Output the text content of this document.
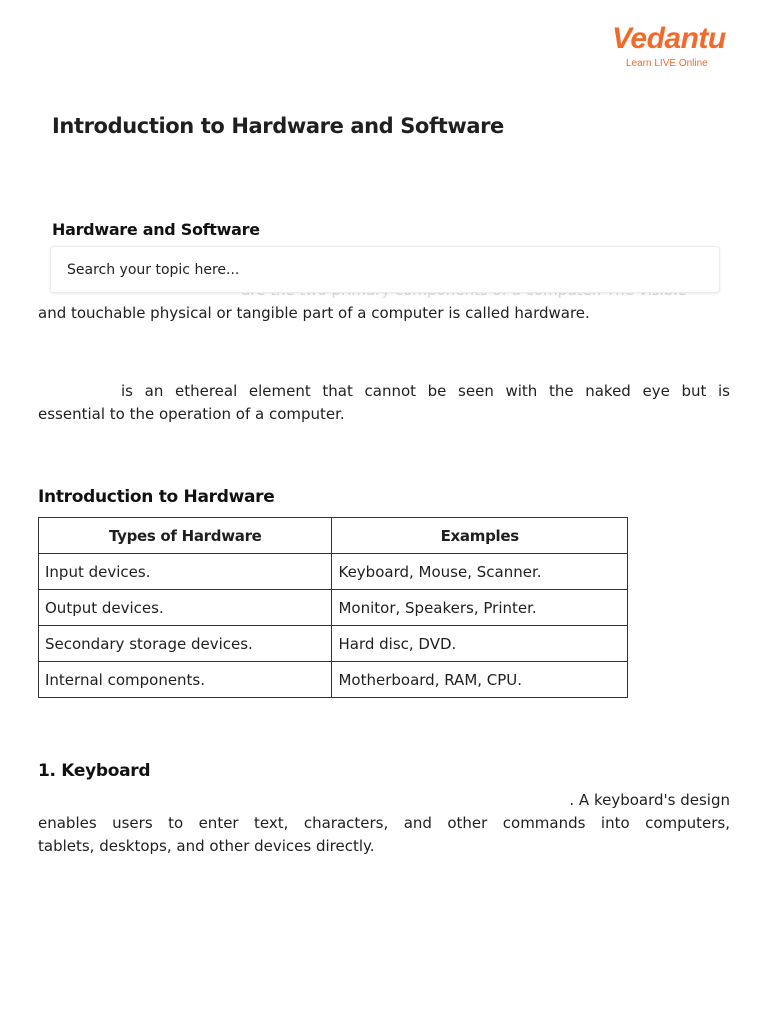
Vedantu
Learn LIVE Online
Introduction to Hardware and Software
Hardware and Software
Search your topic here...

and touchable physical or tangible part of a computer is called hardware.

is an ethereal element that cannot be seen with the naked eye but is
essential to the operation of a computer.

Introduction to Hardware
Types of Hardware	Examples
Input devices.	Keyboard, Mouse, Scanner.
Output devices.	Monitor, Speakers, Printer.
Secondary storage devices.	Hard disc, DVD.
Internal components.	Motherboard, RAM, CPU.
1. Keyboard

. A keyboard's design
enables users to enter text, characters, and other commands into computers,
tablets, desktops, and other devices directly.
